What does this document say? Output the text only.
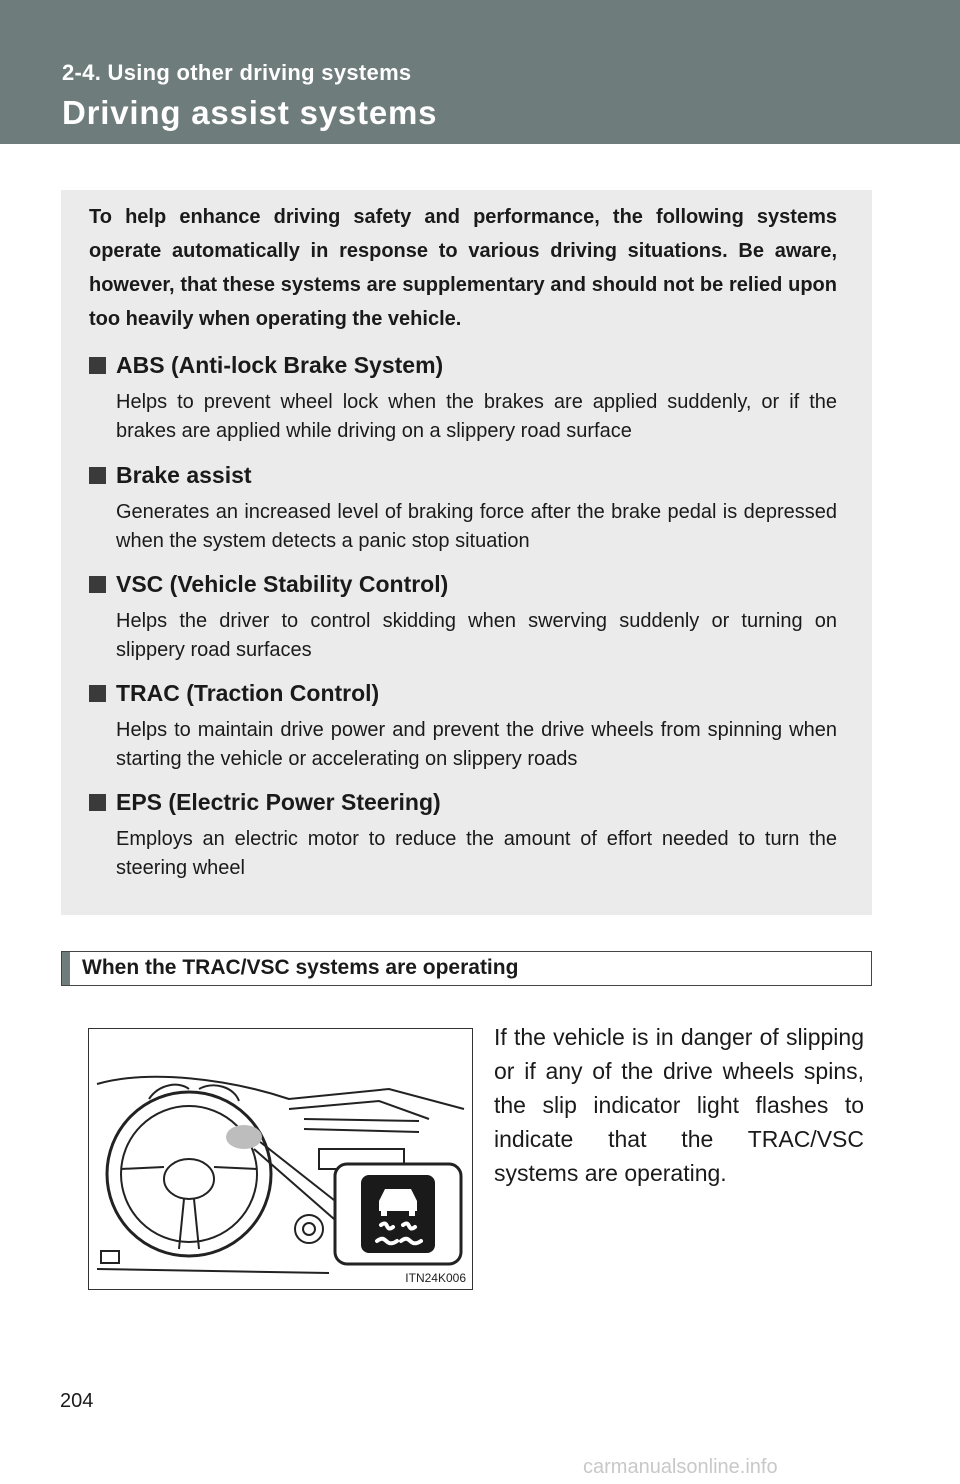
2-4. Using other driving systems
Driving assist systems
To help enhance driving safety and performance, the following systems operate automatically in response to various driving situations. Be aware, however, that these systems are supplementary and should not be relied upon too heavily when operating the vehicle.
ABS (Anti-lock Brake System)
Helps to prevent wheel lock when the brakes are applied suddenly, or if the brakes are applied while driving on a slippery road surface
Brake assist
Generates an increased level of braking force after the brake pedal is depressed when the system detects a panic stop situation
VSC (Vehicle Stability Control)
Helps the driver to control skidding when swerving suddenly or turning on slippery road surfaces
TRAC (Traction Control)
Helps to maintain drive power and prevent the drive wheels from spinning when starting the vehicle or accelerating on slippery roads
EPS (Electric Power Steering)
Employs an electric motor to reduce the amount of effort needed to turn the steering wheel
When the TRAC/VSC systems are operating
ITN24K006
If the vehicle is in danger of slipping or if any of the drive wheels spins, the slip indicator light flashes to indicate that the TRAC/VSC systems are operating.
204
carmanualsonline.info
